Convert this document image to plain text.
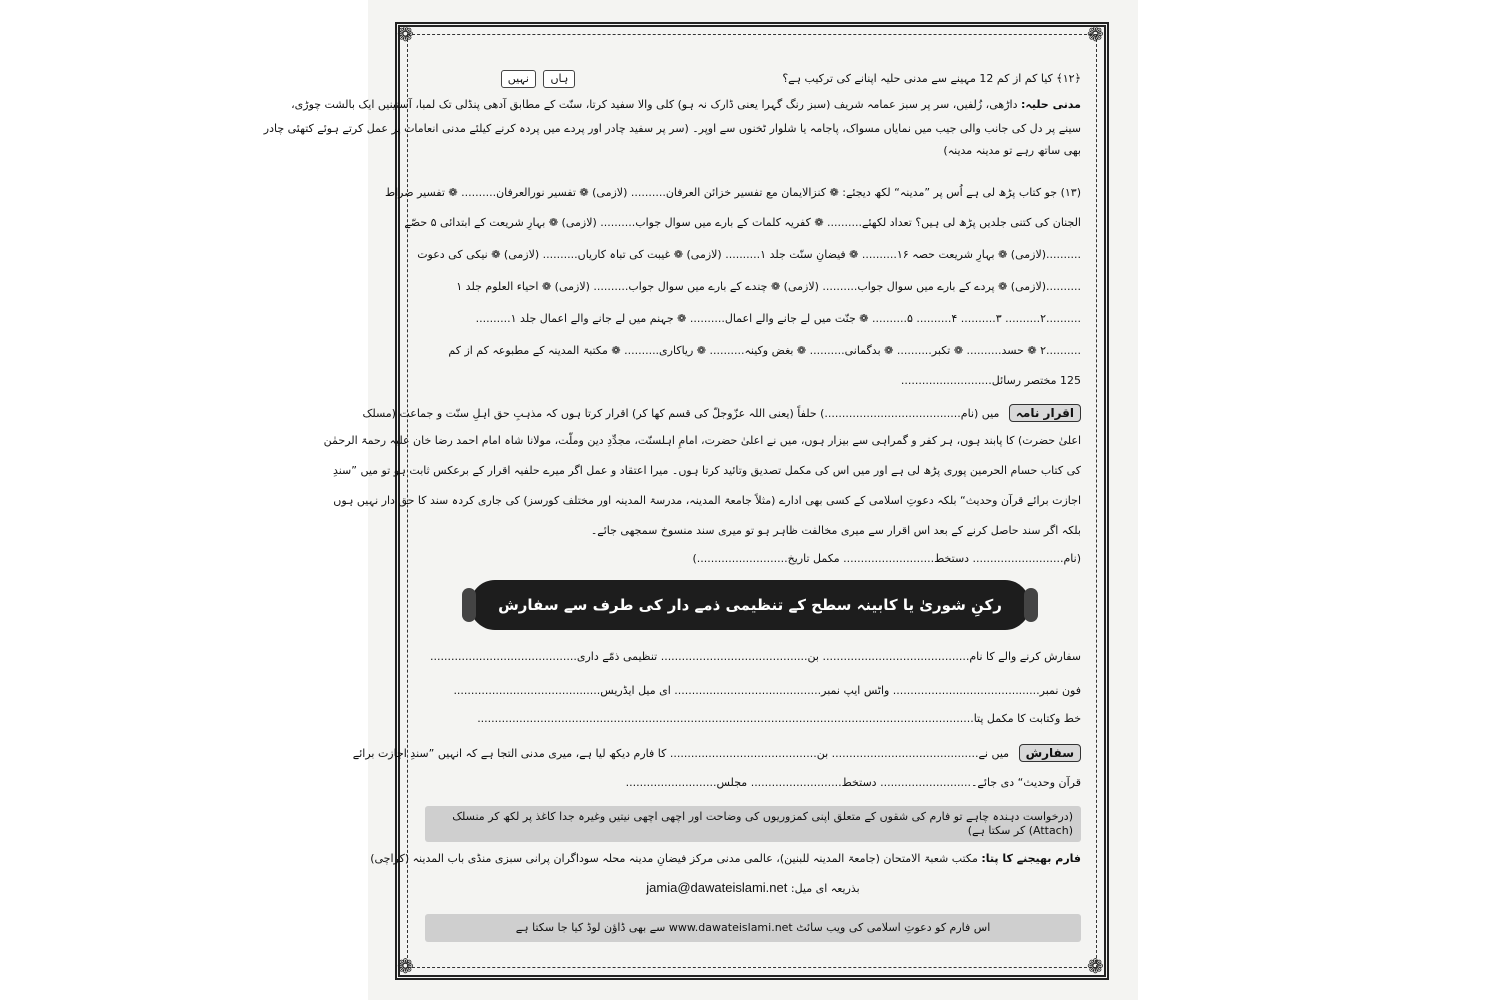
❁	❁
❁	❁
﴿۱۲﴾ کیا کم از کم 12 مہینے سے مدنی حلیہ اپنانے کی ترکیب ہے؟  ہاں نہیں
مدنی حلیہ: داڑھی، زُلفیں، سر پر سبز عمامہ شریف (سبز رنگ گہرا یعنی ڈارک نہ ہو) کلی والا سفید کرتا، سنّت کے مطابق آدھی پنڈلی تک لمبا، آستینیں ایک بالشت چوڑی،
سینے پر دل کی جانب والی جیب میں نمایاں مسواک، پاجامہ یا شلوار ٹخنوں سے اوپر۔ (سر پر سفید چادر اور پردے میں پردہ کرنے کیلئے مدنی انعامات پر عمل کرتے ہوئے کتھئی چادر
بھی ساتھ رہے تو مدینہ مدینہ)
(۱۳) جو کتاب پڑھ لی ہے اُس پر ”مدینہ“ لکھ دیجئے: ❁ کنزالایمان مع تفسیر خزائن العرفان.......... (لازمی) ❁ تفسیر نورالعرفان.......... ❁ تفسیر صراط
الجنان کی کتنی جلدیں پڑھ لی ہیں؟ تعداد لکھئے.......... ❁ کفریہ کلمات کے بارے میں سوال جواب.......... (لازمی) ❁ بہارِ شریعت کے ابتدائی ۵ حصّے
..........(لازمی) ❁ بہارِ شریعت حصہ ۱۶.......... ❁ فیضانِ سنّت جلد ۱.......... (لازمی) ❁ غیبت کی تباہ کاریاں.......... (لازمی) ❁ نیکی کی دعوت
..........(لازمی) ❁ پردے کے بارے میں سوال جواب.......... (لازمی) ❁ چندے کے بارے میں سوال جواب.......... (لازمی) ❁ احیاء العلوم جلد ۱
..........۲.......... ۳.......... ۴.......... ۵.......... ❁ جنّت میں لے جانے والے اعمال.......... ❁ جہنم میں لے جانے والے اعمال جلد ۱..........
..........۲ ❁ حسد.......... ❁ تکبر.......... ❁ بدگمانی.......... ❁ بغض وکینہ.......... ❁ ریاکاری.......... ❁ مکتبۃ المدینہ کے مطبوعہ کم از کم
125 مختصر رسائل..........................
اقرار نامہ میں (نام.......................................) حلفاً (یعنی اللہ عزّوجلّ کی قسم کھا کر) اقرار کرتا ہوں کہ مذہبِ حق اہلِ سنّت و جماعت (مسلک
اعلیٰ حضرت) کا پابند ہوں، ہر کفر و گمراہی سے بیزار ہوں، میں نے اعلیٰ حضرت، امامِ اہلسنّت، مجدِّدِ دین وملّت، مولانا شاہ امام احمد رضا خان علیہ رحمۃ الرحمٰن
کی کتاب حسام الحرمین پوری پڑھ لی ہے اور میں اس کی مکمل تصدیق وتائید کرتا ہوں۔ میرا اعتقاد و عمل اگر میرے حلفیہ اقرار کے برعکس ثابت ہو تو میں ”سندِ
اجازت برائے قرآن وحدیث“ بلکہ دعوتِ اسلامی کے کسی بھی ادارے (مثلاً جامعۃ المدینہ، مدرسۃ المدینہ اور مختلف کورسز) کی جاری کردہ سند کا حق دار نہیں ہوں
بلکہ اگر سند حاصل کرنے کے بعد اس اقرار سے میری مخالفت ظاہر ہو تو میری سند منسوخ سمجھی جائے۔
(نام.......................... دستخط.......................... مکمل تاریخ..........................)
سفارش کرنے والے کا نام.......................................... بن.......................................... تنظیمی ذمّے داری..........................................
فون نمبر.......................................... واٹس ایپ نمبر.......................................... ای میل ایڈریس..........................................
خط وکتابت کا مکمل پتا..............................................................................................................................................
سفارش میں نے.......................................... بن.......................................... کا فارم دیکھ لیا ہے، میری مدنی التجا ہے کہ انہیں ”سندِ اجازت برائے
قرآن وحدیث“ دی جائے۔.......................... دستخط.......................... مجلس..........................
رکنِ شوریٰ یا کابینہ سطح کے تنظیمی ذمے دار کی طرف سے سفارش
(درخواست دہندہ چاہے تو فارم کی شقوں کے متعلق اپنی کمزوریوں کی وضاحت اور اچھی اچھی نیتیں وغیرہ جدا کاغذ پر لکھ کر منسلک (Attach) کر سکتا ہے)
فارم بھیجنے کا پتا: مکتب شعبۃ الامتحان (جامعۃ المدینہ للبنین)، عالمی مدنی مرکز فیضانِ مدینہ محلہ سوداگران پرانی سبزی منڈی باب المدینہ (کراچی)
بذریعہ ای میل: jamia@dawateislami.net
اس فارم کو دعوتِ اسلامی کی ویب سائٹ www.dawateislami.net سے بھی ڈاؤن لوڈ کیا جا سکتا ہے
